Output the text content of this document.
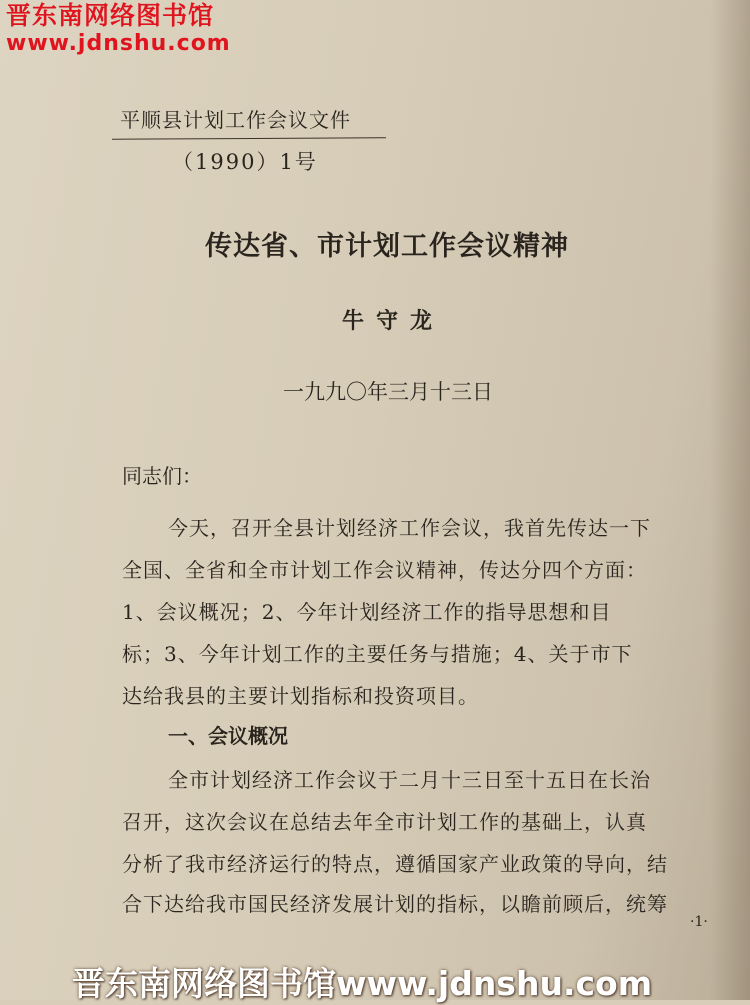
晋东南网络图书馆
www.jdnshu.com
平顺县计划工作会议文件
（1990）1号
传达省、市计划工作会议精神
牛守龙
一九九〇年三月十三日
同志们：
今天，召开全县计划经济工作会议，我首先传达一下
全国、全省和全市计划工作会议精神，传达分四个方面：
1、会议概况；2、今年计划经济工作的指导思想和目
标；3、今年计划工作的主要任务与措施；4、关于市下
达给我县的主要计划指标和投资项目。
一、会议概况
全市计划经济工作会议于二月十三日至十五日在长治
召开，这次会议在总结去年全市计划工作的基础上，认真
分析了我市经济运行的特点，遵循国家产业政策的导向，结
合下达给我市国民经济发展计划的指标，以瞻前顾后，统筹
·1·
晋东南网络图书馆www.jdnshu.com
